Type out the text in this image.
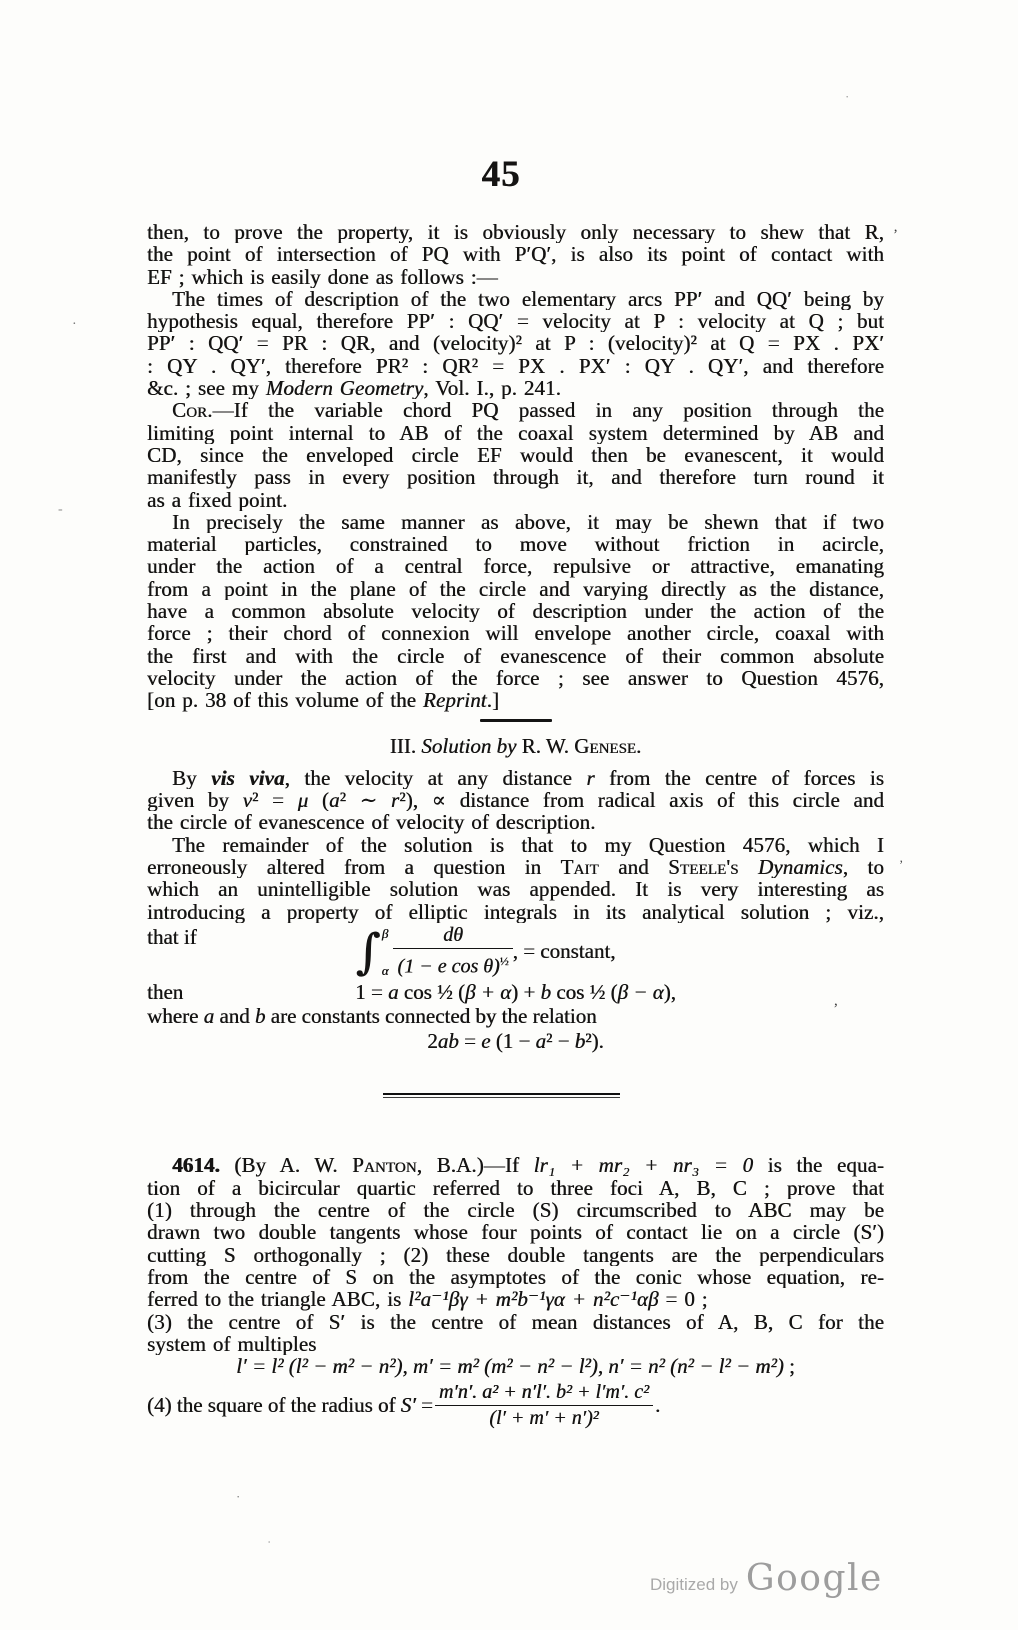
45
then, to prove the property, it is obviously only necessary to shew that R,
the point of intersection of PQ with P′Q′, is also its point of contact with
EF ; which is easily done as follows :—
The times of description of the two elementary arcs PP′ and QQ′ being by
hypothesis equal, therefore PP′ : QQ′ = velocity at P : velocity at Q ; but
PP′ : QQ′ = PR : QR, and (velocity)² at P : (velocity)² at Q = PX . PX′
: QY . QY′, therefore PR² : QR² = PX . PX′ : QY . QY′, and therefore
&c. ; see my Modern Geometry, Vol. I., p. 241.
Cor.—If the variable chord PQ passed in any position through the
limiting point internal to AB of the coaxal system determined by AB and
CD, since the enveloped circle EF would then be evanescent, it would
manifestly pass in every position through it, and therefore turn round it
as a fixed point.
In precisely the same manner as above, it may be shewn that if two
material particles, constrained to move without friction in acircle,
under the action of a central force, repulsive or attractive, emanating
from a point in the plane of the circle and varying directly as the distance,
have a common absolute velocity of description under the action of the
force ; their chord of connexion will envelope another circle, coaxal with
the first and with the circle of evanescence of their common absolute
velocity under the action of the force ; see answer to Question 4576,
[on p. 38 of this volume of the Reprint.]
III. Solution by R. W. Genese.
By vis viva, the velocity at any distance r from the centre of forces is
given by v² = μ (a² ∼ r²), ∝ distance from radical axis of this circle and
the circle of evanescence of velocity of description.
The remainder of the solution is that to my Question 4576, which I
erroneously altered from a question in Tait and Steele's Dynamics, to
which an unintelligible solution was appended. It is very interesting as
introducing a property of elliptic integrals in its analytical solution ; viz.,
that if	∫ β
α $\frac{d\theta}{(1 - e \cos \theta)^{\frac{1}{2}}}$ , = constant,
then	1 = a cos ½ (β + α) + b cos ½ (β − α),
where a and b are constants connected by the relation
2ab = e (1 − a² − b²).
4614. (By A. W. Panton, B.A.)—If lr₁ + mr₂ + nr₃ = 0 is the equa-
tion of a bicircular quartic referred to three foci A, B, C ; prove that
(1) through the centre of the circle (S) circumscribed to ABC may be
drawn two double tangents whose four points of contact lie on a circle (S′)
cutting S orthogonally ; (2) these double tangents are the perpendiculars
from the centre of S on the asymptotes of the conic whose equation, re-
ferred to the triangle ABC, is l²a⁻¹βγ + m²b⁻¹γα + n²c⁻¹αβ = 0 ;
(3) the centre of S′ is the centre of mean distances of A, B, C for the
system of multiples
l′ = l² (l² − m² − n²), m′ = m² (m² − n² − l²), n′ = n² (n² − l² − m²) ;
(4) the square of the radius of $S' = \frac{\text{m′n′. a² + n′l′. b² + l′m′. c²}}{\text{(l′ + m′ + n′)²}}$ .
Digitized by Google
’
·
-
’
,
·
·
∙
